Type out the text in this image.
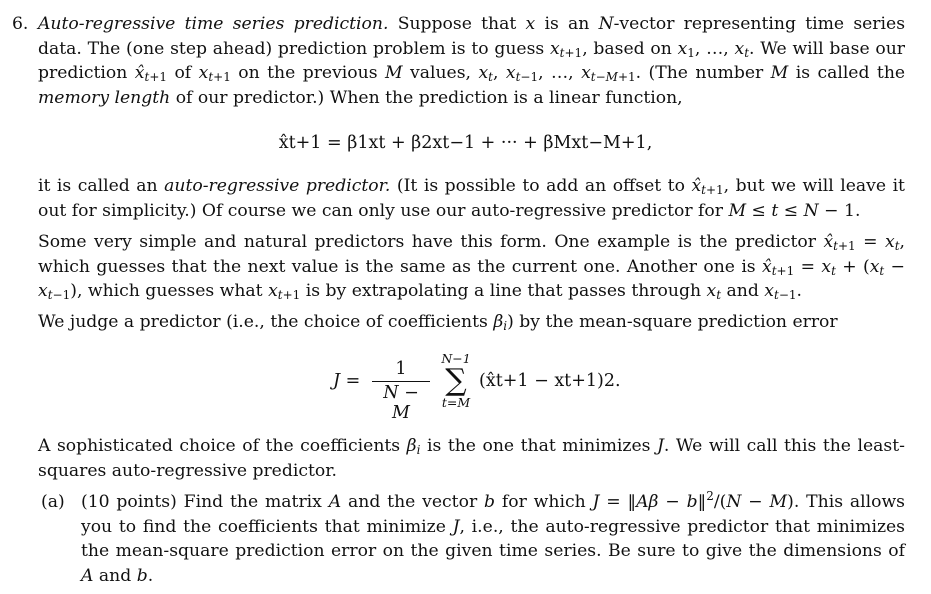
6. Auto-regressive time series prediction. Suppose that x is an N-vector representing time series data. The (one step ahead) prediction problem is to guess $x_{t+1}$, based on $x_1$, …, $x_t$. We will base our prediction $x̂_{t+1}$ of $x_{t+1}$ on the previous M values, $x_t$, $x_{t-1}$, …, $x_{t-M+1}$. (The number M is called the memory length of our predictor.) When the prediction is a linear function,
x̂t+1 = β1xt + β2xt−1 + ··· + βMxt−M+1,
it is called an auto-regressive predictor. (It is possible to add an offset to $x̂_{t+1}$, but we will leave it out for simplicity.) Of course we can only use our auto-regressive predictor for M ≤ t ≤ N − 1.
Some very simple and natural predictors have this form. One example is the predictor $x̂_{t+1} = x_t$, which guesses that the next value is the same as the current one. Another one is $x̂_{t+1} = x_t + (x_t - x_{t-1})$, which guesses what $x_{t+1}$ is by extrapolating a line that passes through $x_t$ and $x_{t-1}$.
We judge a predictor (i.e., the choice of coefficients $\beta_i$) by the mean-square prediction error
J =
1
N − M
N−1
∑
t=M
(x̂t+1 − xt+1)2.
A sophisticated choice of the coefficients $\beta_i$ is the one that minimizes J. We will call this the least-squares auto-regressive predictor.
(a) (10 points) Find the matrix A and the vector b for which J = ‖Aβ − b‖$^2$/(N − M). This allows you to find the coefficients that minimize J, i.e., the auto-regressive predictor that minimizes the mean-square prediction error on the given time series. Be sure to give the dimensions of A and b.
